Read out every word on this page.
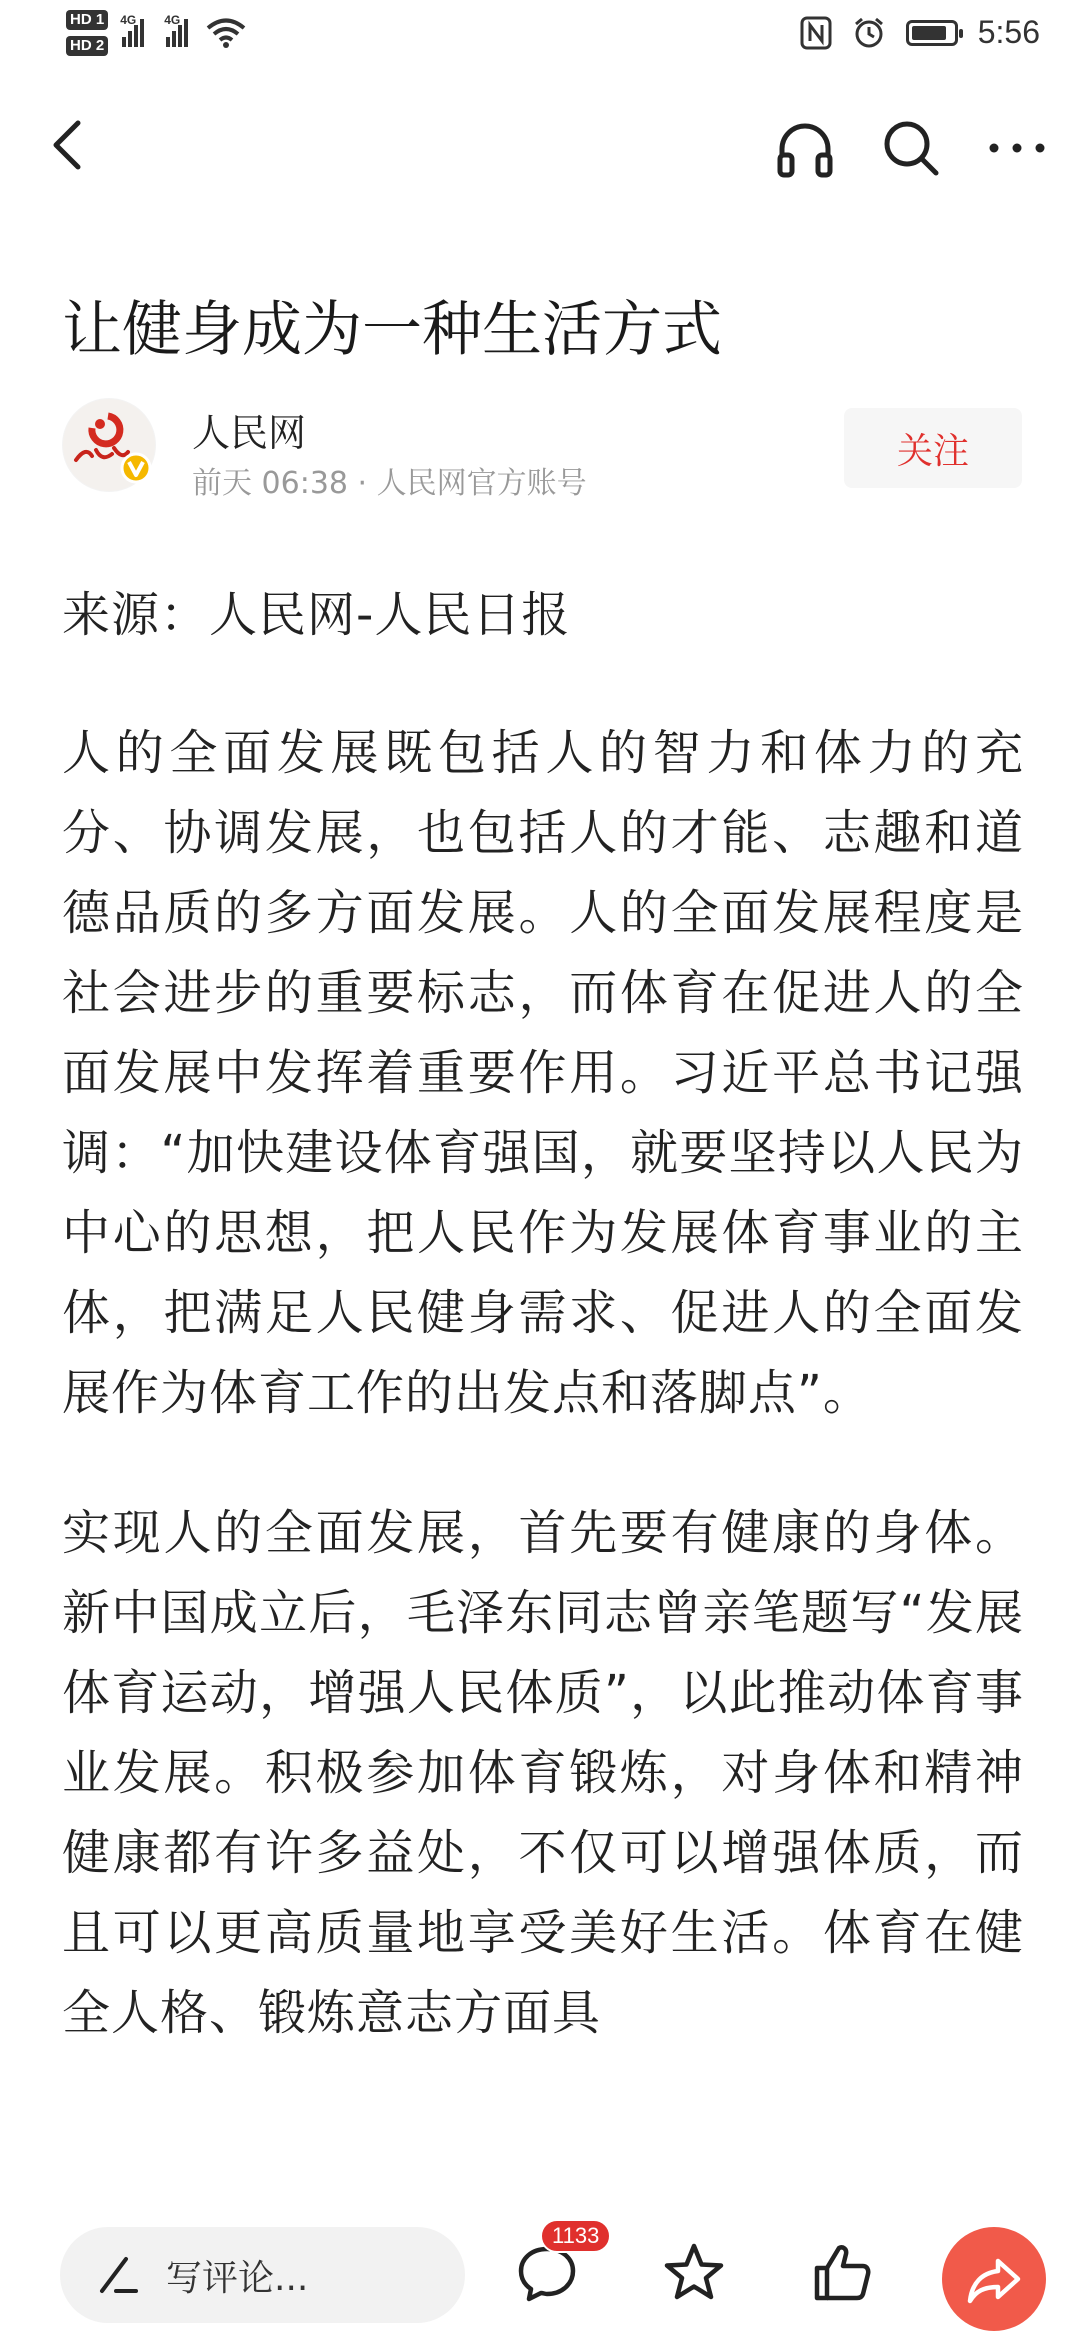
HD 1
HD 2
4G 4G	5:56
让健身成为一种生活方式
人民网
前天 06:38 · 人民网官方账号
关注

来源：人民网-人民日报

人的全面发展既包括人的智力和体力的充分、协调发展，也包括人的才能、志趣和道德品质的多方面发展。人的全面发展程度是社会进步的重要标志，而体育在促进人的全面发展中发挥着重要作用。习近平总书记强调：“加快建设体育强国，就要坚持以人民为中心的思想，把人民作为发展体育事业的主体，把满足人民健身需求、促进人的全面发展作为体育工作的出发点和落脚点”。

实现人的全面发展，首先要有健康的身体。新中国成立后，毛泽东同志曾亲笔题写“发展体育运动，增强人民体质”，以此推动体育事业发展。积极参加体育锻炼，对身体和精神健康都有许多益处，不仅可以增强体质，而且可以更高质量地享受美好生活。体育在健全人格、锻炼意志方面具

写评论...
1133
